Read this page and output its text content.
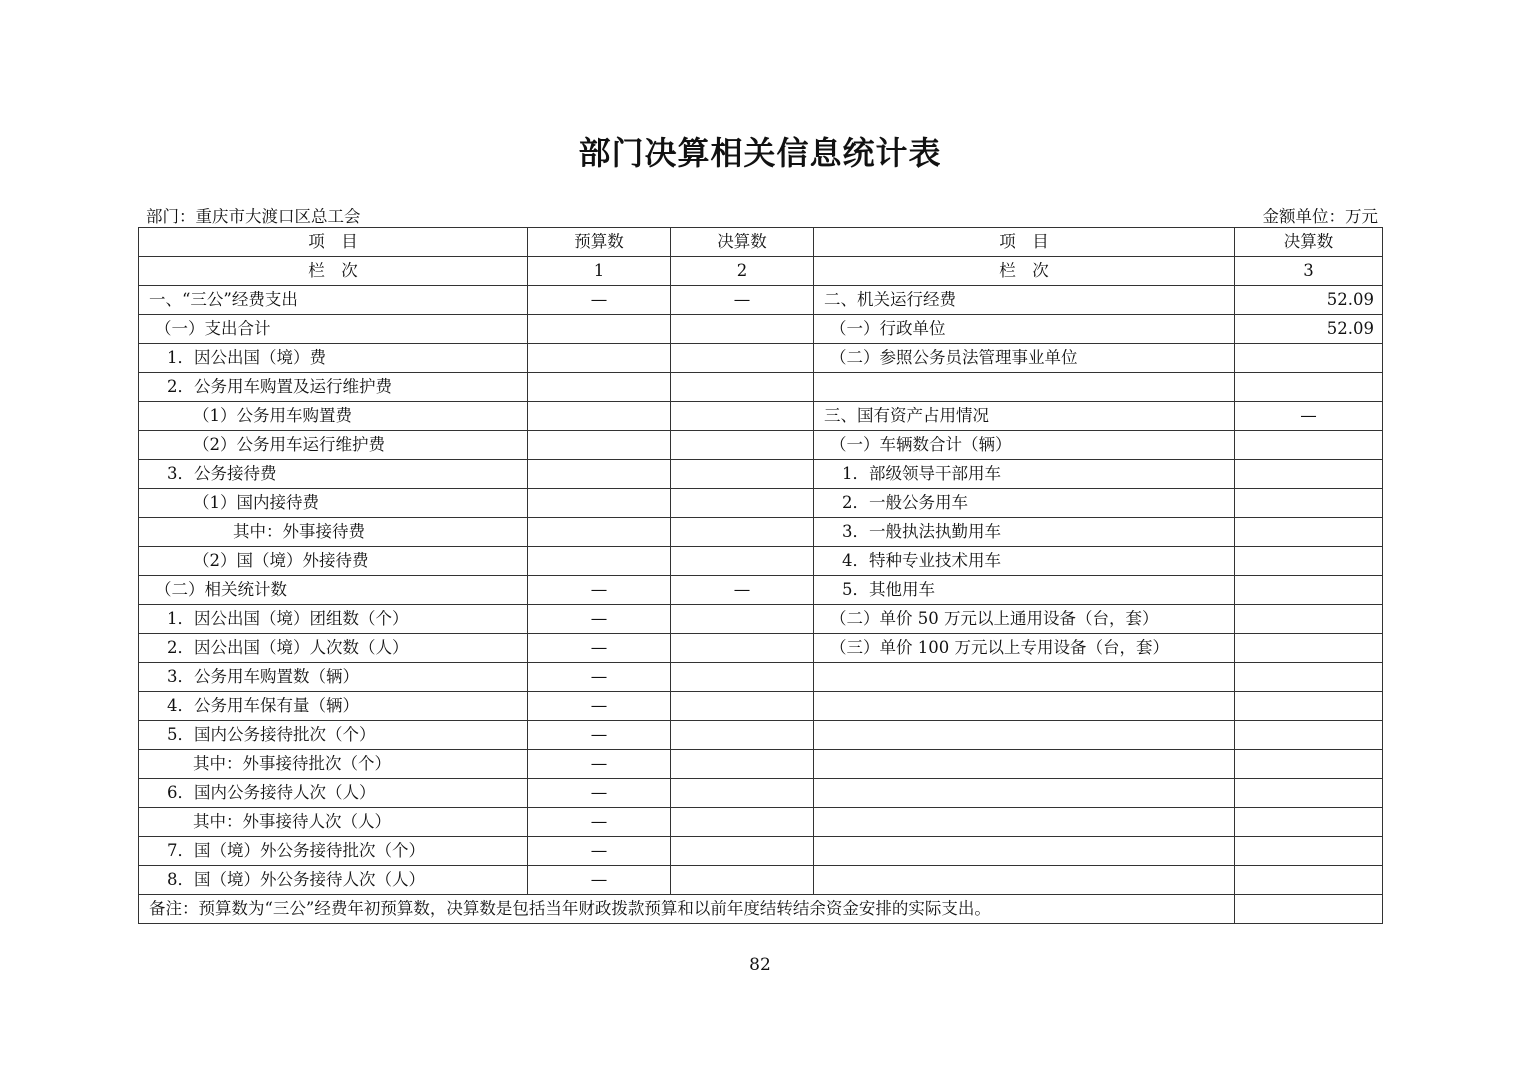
部门决算相关信息统计表
部门：重庆市大渡口区总工会	金额单位：万元
项　目	预算数	决算数	项　目	决算数
栏　次	1	2	栏　次	3
一、“三公”经费支出	—	—	二、机关运行经费	52.09
（一）支出合计			（一）行政单位	52.09
1．因公出国（境）费			（二）参照公务员法管理事业单位	
2．公务用车购置及运行维护费				
（1）公务用车购置费			三、国有资产占用情况	—
（2）公务用车运行维护费			（一）车辆数合计（辆）	
3．公务接待费			1．部级领导干部用车	
（1）国内接待费			2．一般公务用车	
其中：外事接待费			3．一般执法执勤用车	
（2）国（境）外接待费			4．特种专业技术用车	
（二）相关统计数	—	—	5．其他用车	
1．因公出国（境）团组数（个）	—		（二）单价 50 万元以上通用设备（台，套）	
2．因公出国（境）人次数（人）	—		（三）单价 100 万元以上专用设备（台，套）	
3．公务用车购置数（辆）	—			
4．公务用车保有量（辆）	—			
5．国内公务接待批次（个）	—			
其中：外事接待批次（个）	—			
6．国内公务接待人次（人）	—			
其中：外事接待人次（人）	—			
7．国（境）外公务接待批次（个）	—			
8．国（境）外公务接待人次（人）	—			
备注：预算数为“三公”经费年初预算数，决算数是包括当年财政拨款预算和以前年度结转结余资金安排的实际支出。				
82
